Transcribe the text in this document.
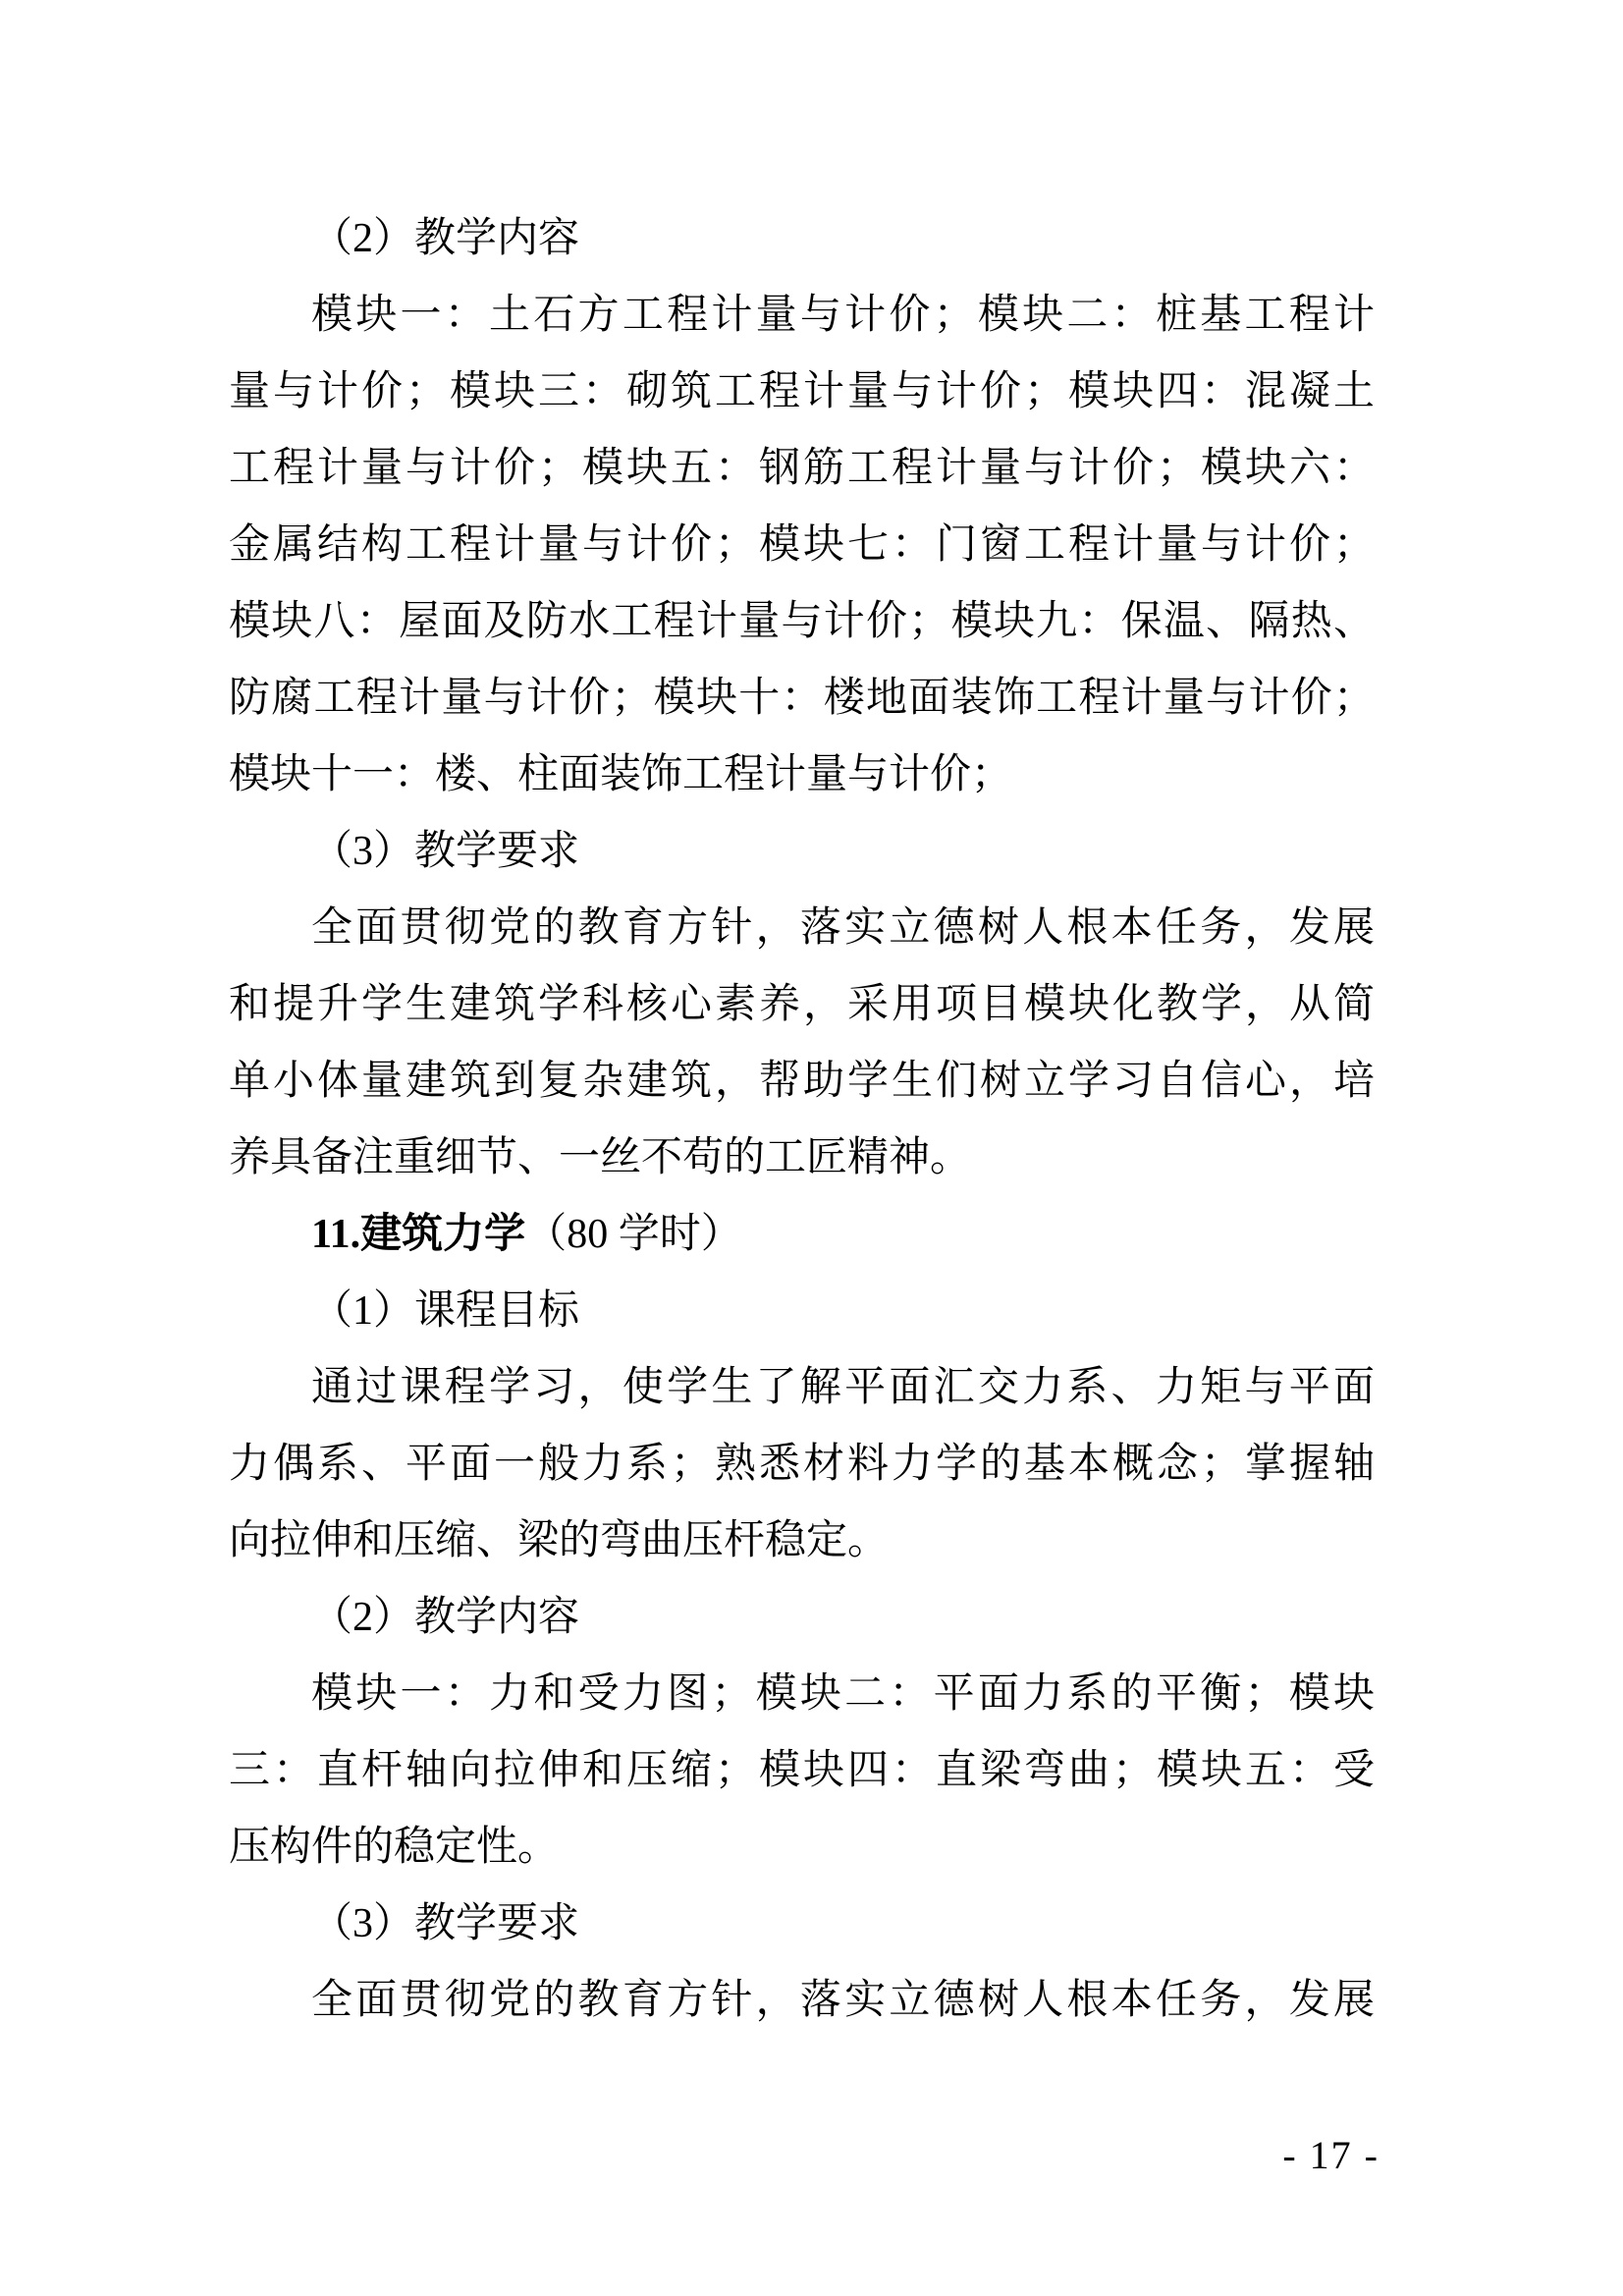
（2）教学内容
模块一：土石方工程计量与计价；模块二：桩基工程计
量与计价；模块三：砌筑工程计量与计价；模块四：混凝土
工程计量与计价；模块五：钢筋工程计量与计价；模块六：
金属结构工程计量与计价；模块七：门窗工程计量与计价；
模块八：屋面及防水工程计量与计价；模块九：保温、隔热、
防腐工程计量与计价；模块十：楼地面装饰工程计量与计价；
模块十一：楼、柱面装饰工程计量与计价；
（3）教学要求
全面贯彻党的教育方针，落实立德树人根本任务，发展
和提升学生建筑学科核心素养，采用项目模块化教学，从简
单小体量建筑到复杂建筑，帮助学生们树立学习自信心，培
养具备注重细节、一丝不苟的工匠精神。
11.建筑力学（80 学时）
（1）课程目标
通过课程学习，使学生了解平面汇交力系、力矩与平面
力偶系、平面一般力系；熟悉材料力学的基本概念；掌握轴
向拉伸和压缩、梁的弯曲压杆稳定。
（2）教学内容
模块一：力和受力图；模块二：平面力系的平衡；模块
三：直杆轴向拉伸和压缩；模块四：直梁弯曲；模块五：受
压构件的稳定性。
（3）教学要求
全面贯彻党的教育方针，落实立德树人根本任务，发展
- 17 -
